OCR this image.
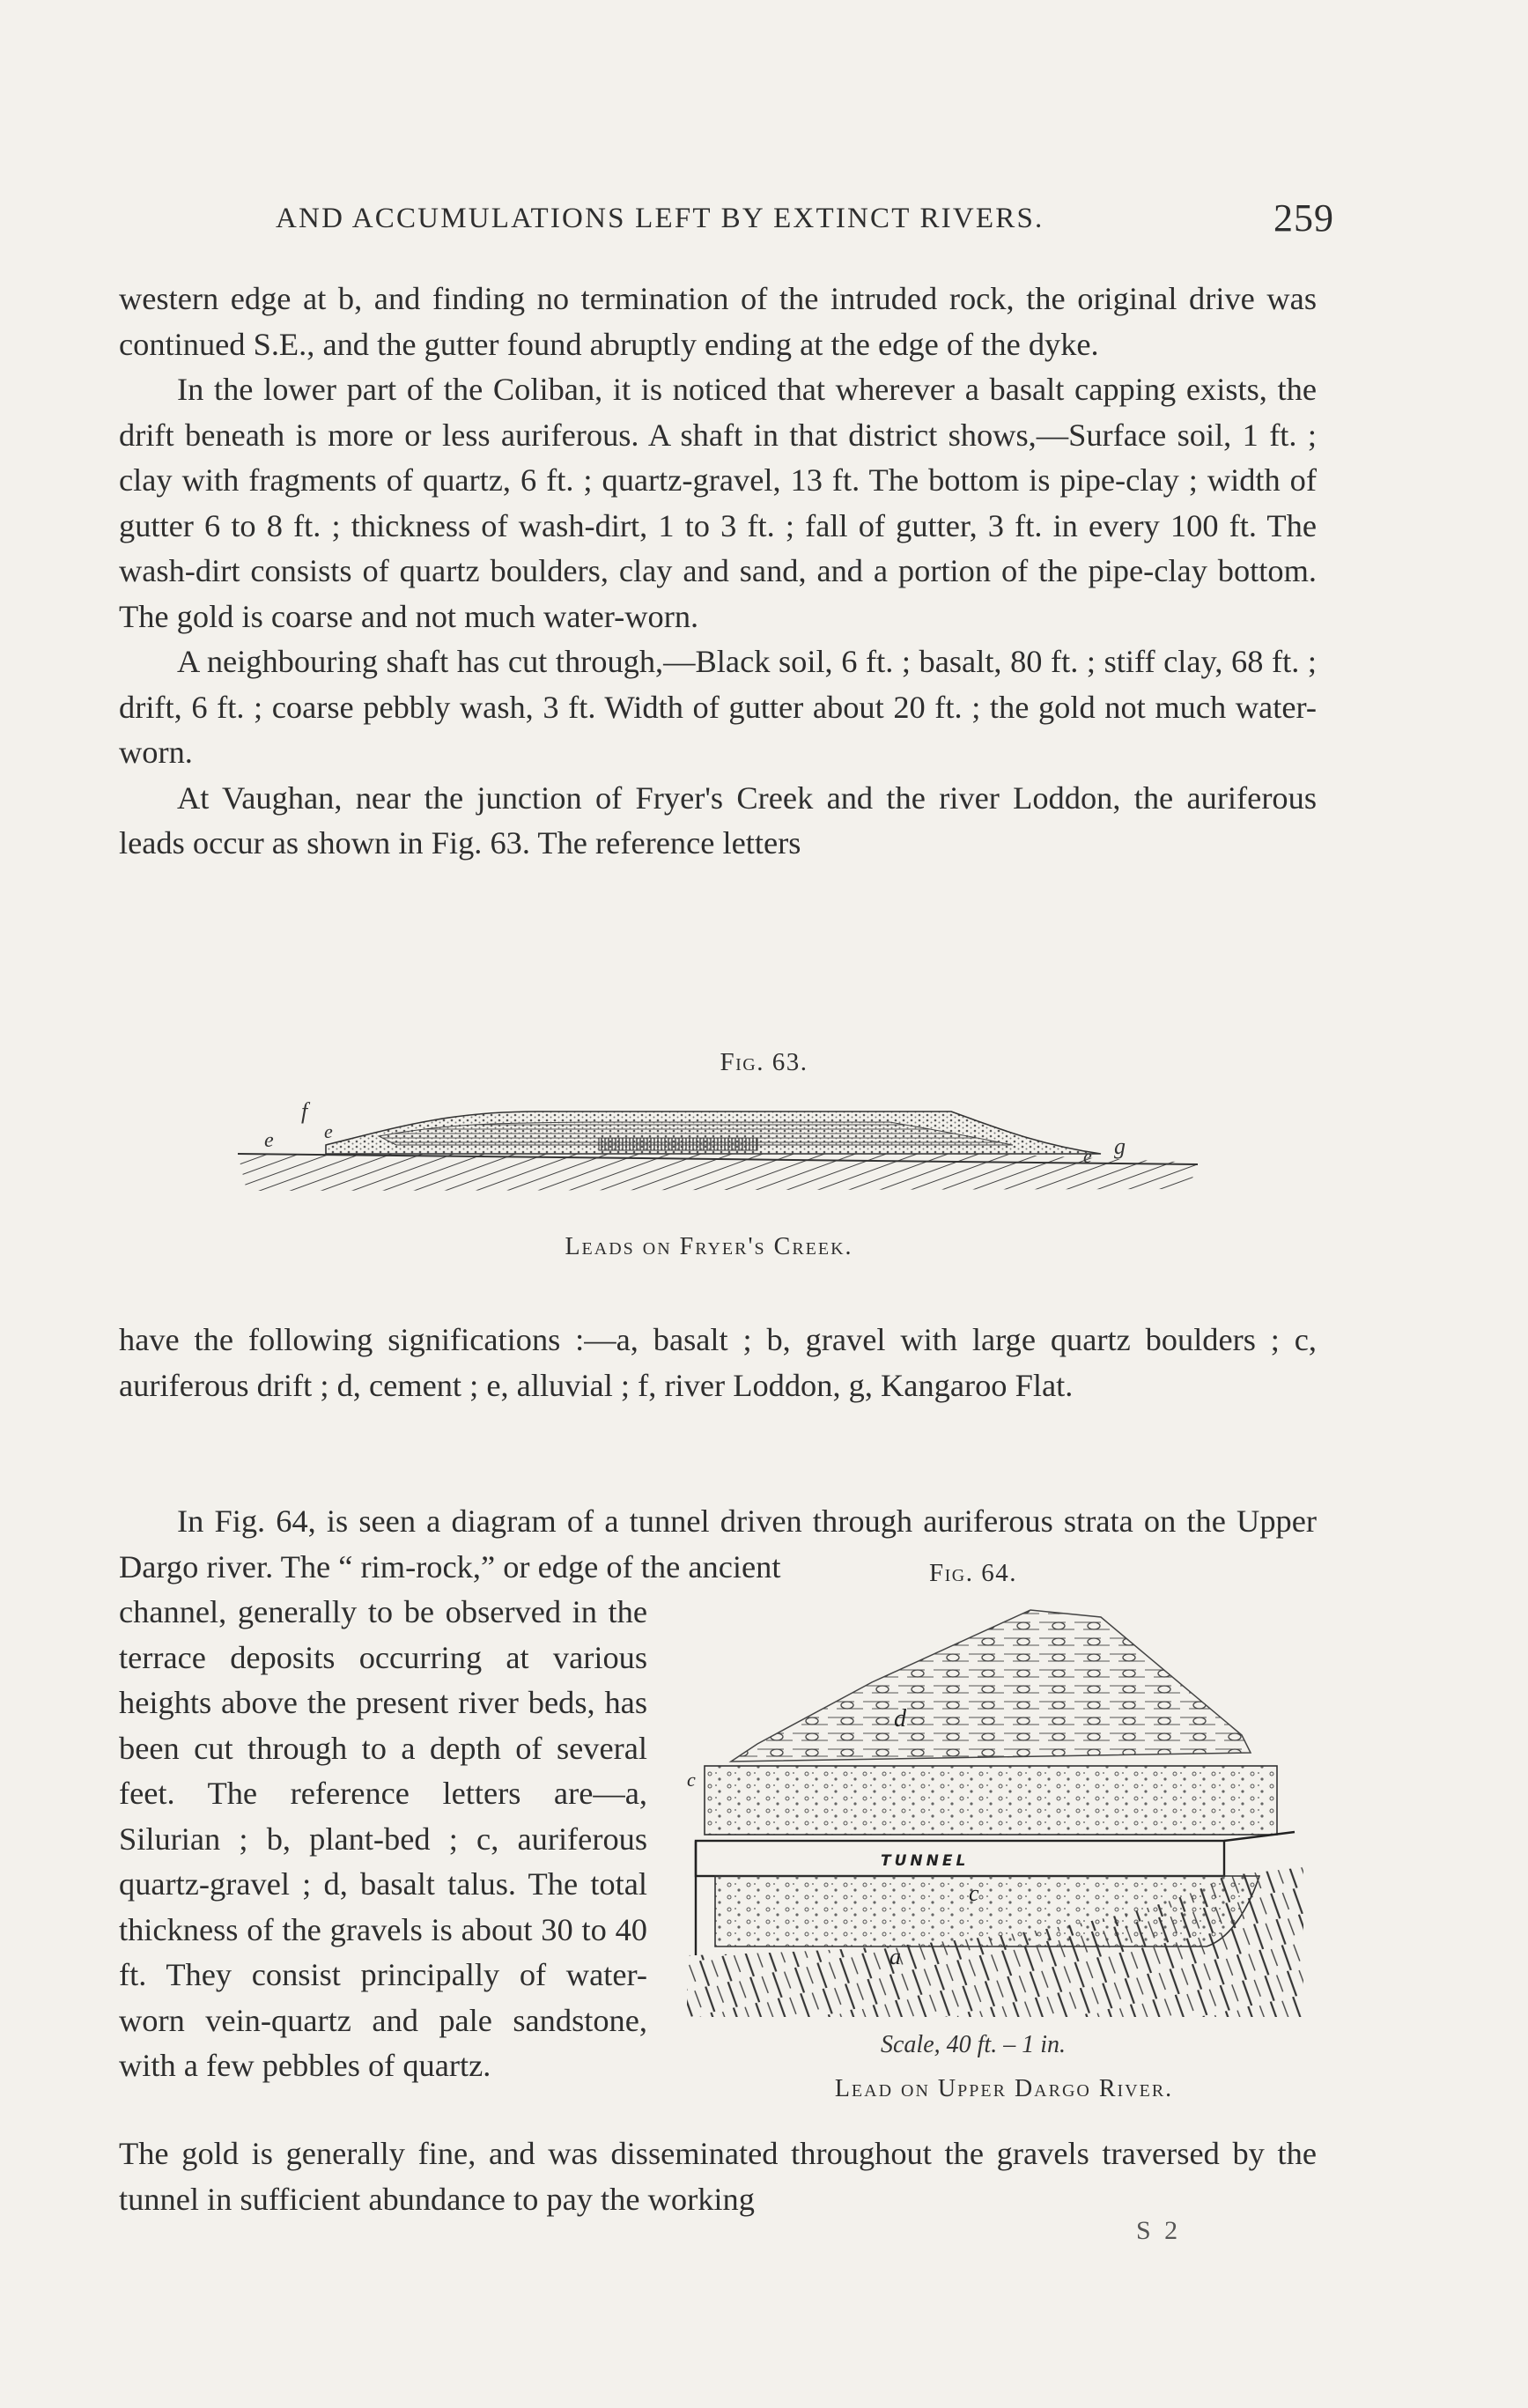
AND ACCUMULATIONS LEFT BY EXTINCT RIVERS.	259

western edge at b, and finding no termination of the intruded rock, the original drive was continued S.E., and the gutter found abruptly ending at the edge of the dyke.

In the lower part of the Coliban, it is noticed that wherever a basalt capping exists, the drift beneath is more or less auriferous. A shaft in that district shows,—Surface soil, 1 ft. ; clay with fragments of quartz, 6 ft. ; quartz-gravel, 13 ft. The bottom is pipe-clay ; width of gutter 6 to 8 ft. ; thickness of wash-dirt, 1 to 3 ft. ; fall of gutter, 3 ft. in every 100 ft. The wash-dirt consists of quartz boulders, clay and sand, and a portion of the pipe-clay bottom. The gold is coarse and not much water-worn.

A neighbouring shaft has cut through,—Black soil, 6 ft. ; basalt, 80 ft. ; stiff clay, 68 ft. ; drift, 6 ft. ; coarse pebbly wash, 3 ft. Width of gutter about 20 ft. ; the gold not much water-worn.

At Vaughan, near the junction of Fryer's Creek and the river Loddon, the auriferous leads occur as shown in Fig. 63. The reference letters

Fig. 63.
f
e	e
e g
Leads on Fryer's Creek.

have the following significations :—a, basalt ; b, gravel with large quartz boulders ; c, auriferous drift ; d, cement ; e, alluvial ; f, river Loddon, g, Kangaroo Flat.

In Fig. 64, is seen a diagram of a tunnel driven through auriferous strata on the Upper Dargo river. The “ rim-rock,” or edge of the ancient

channel, generally to be observed in the terrace deposits occurring at various heights above the present river beds, has been cut through to a depth of several feet. The reference letters are—a, Silurian ; b, plant-bed ; c, auriferous quartz-gravel ; d, basalt talus. The total thickness of the gravels is about 30 to 40 ft. They consist principally of water-worn vein-quartz and pale sandstone, with a few pebbles of quartz.

Fig. 64.
TUNNEL
a
d
c
c
Scale, 40 ft. – 1 in.
Lead on Upper Dargo River.

The gold is generally fine, and was disseminated throughout the gravels traversed by the tunnel in sufficient abundance to pay the working

S 2
